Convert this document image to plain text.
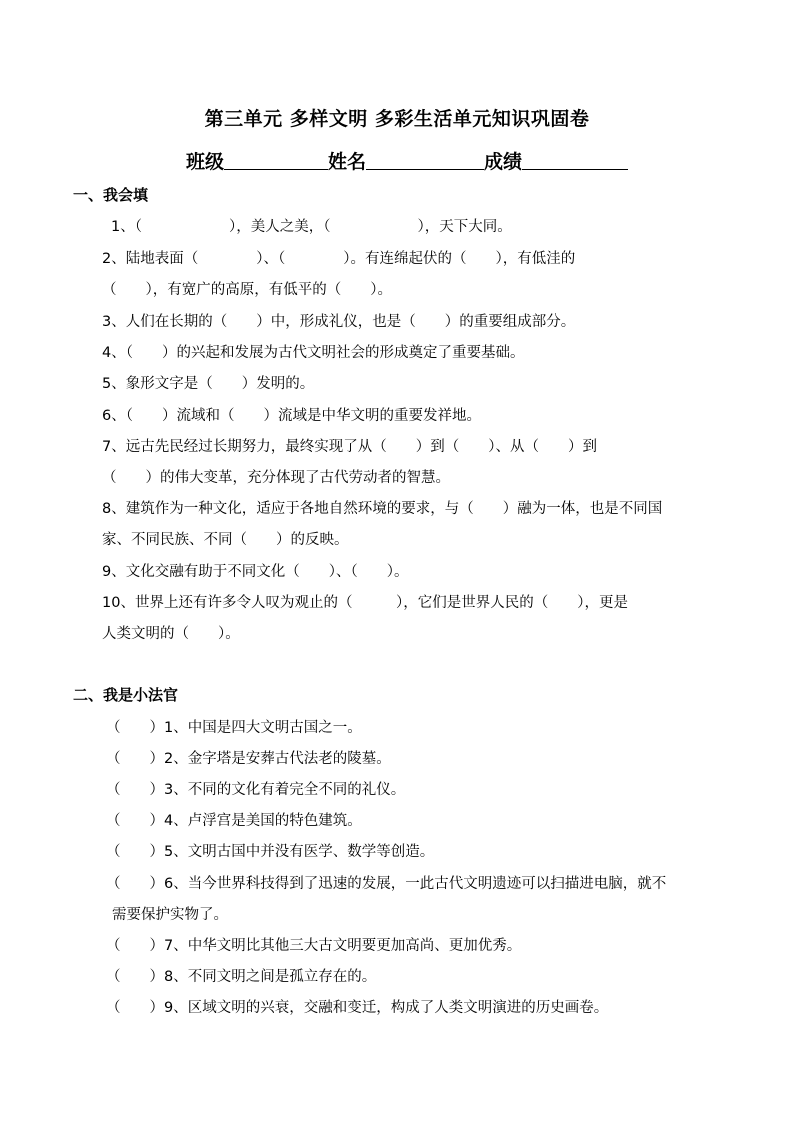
第三单元 多样文明 多彩生活单元知识巩固卷
班级	姓名	成绩
一、我会填
1、（　　　　　　），美人之美，（　　　　　　），天下大同。
2、陆地表面（　　　　）、（　　　　）。有连绵起伏的（　　），有低洼的
（　　），有宽广的高原，有低平的（　　）。
3、人们在长期的（　　）中，形成礼仪，也是（　　）的重要组成部分。
4、（　　）的兴起和发展为古代文明社会的形成奠定了重要基础。
5、象形文字是（　　）发明的。
6、（　　）流域和（　　）流域是中华文明的重要发祥地。
7、远古先民经过长期努力，最终实现了从（　　）到（　　）、从（　　）到
（　　）的伟大变革，充分体现了古代劳动者的智慧。
8、建筑作为一种文化，适应于各地自然环境的要求，与（　　）融为一体，也是不同国
家、不同民族、不同（　　）的反映。
9、文化交融有助于不同文化（　　）、（　　）。
10、世界上还有许多令人叹为观止的（　　　），它们是世界人民的（　　），更是
人类文明的（　　）。
二、我是小法官
（　　）1、中国是四大文明古国之一。
（　　）2、金字塔是安葬古代法老的陵墓。
（　　）3、不同的文化有着完全不同的礼仪。
（　　）4、卢浮宫是美国的特色建筑。
（　　）5、文明古国中并没有医学、数学等创造。
（　　）6、当今世界科技得到了迅速的发展，一此古代文明遗迹可以扫描进电脑，就不
需要保护实物了。
（　　）7、中华文明比其他三大古文明要更加高尚、更加优秀。
（　　）8、不同文明之间是孤立存在的。
（　　）9、区域文明的兴衰，交融和变迁，构成了人类文明演进的历史画卷。
